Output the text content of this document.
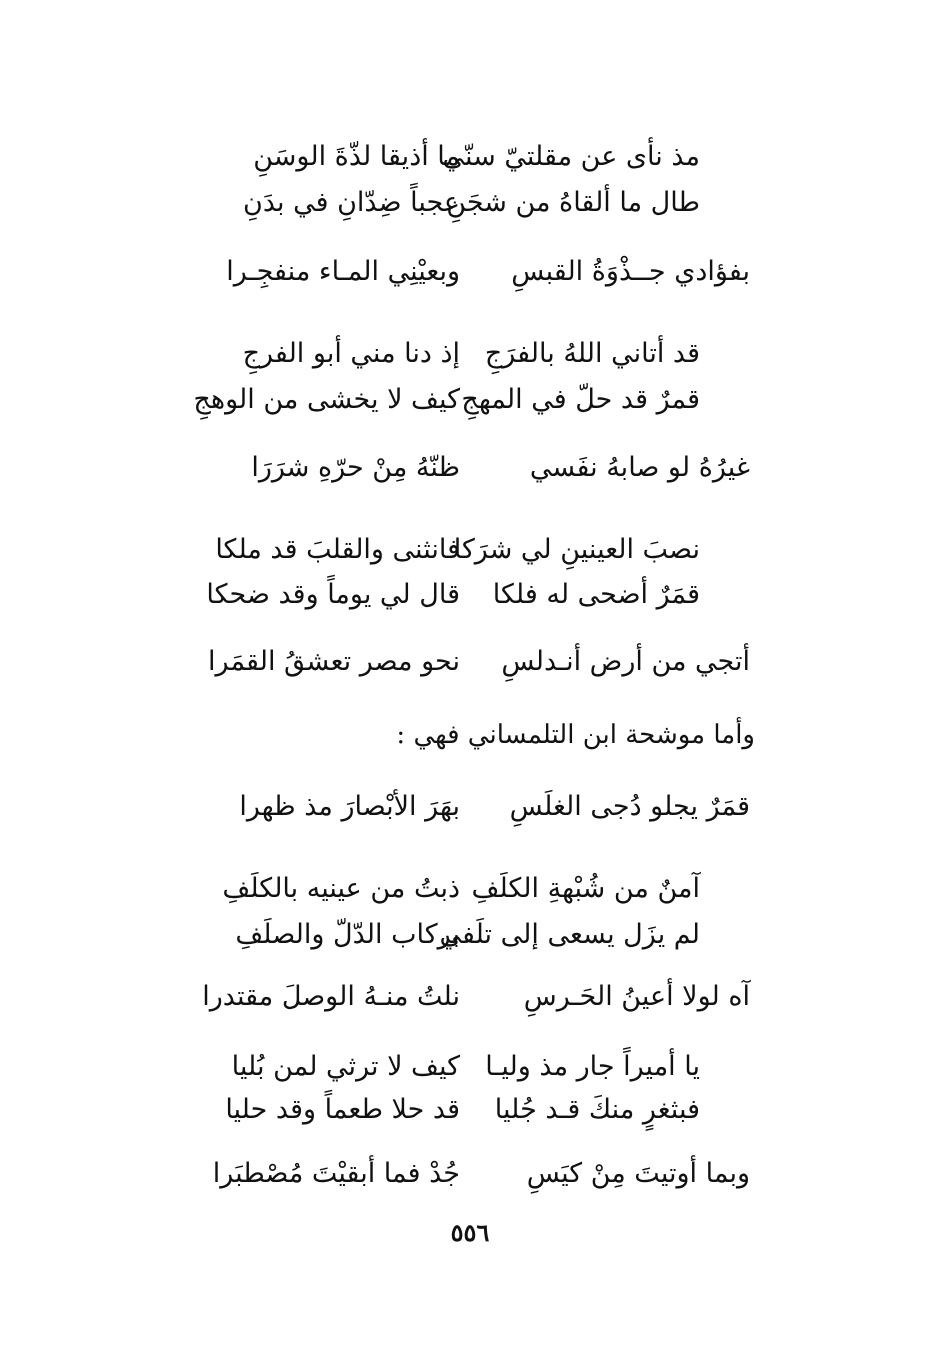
مذ نأى عن مقلتيّ سنّي
ما أذيقا لذّةَ الوسَنِ
طال ما ألقاهُ من شجَنِ
عجباً ضِدّانِ في بدَنِ
بفؤادي جــذْوَةُ القبسِ
وبعيْنِي المـاء منفجِـرا
قد أتاني اللهُ بالفرَجِ
إذ دنا مني أبو الفرجِ
قمرٌ قد حلّ في المهجِ
كيف لا يخشى من الوهجِ
غيرُهُ لو صابهُ نفَسي
ظنّهُ مِنْ حرّهِ شرَرَا
نصبَ العينينِ لي شرَكا
فانثنى والقلبَ قد ملكا
قمَرٌ أضحى له فلكا
قال لي يوماً وقد ضحكا
أتجي من أرض أنـدلسِ
نحو مصر تعشقُ القمَرا
وأما موشحة ابن التلمساني فهي :
قمَرٌ يجلو دُجى الغلَسِ
بهَرَ الأبْصارَ مذ ظهرا
آمنٌ من شُبْهةِ الكلَفِ
ذبتُ من عينيه بالكلَفِ
لم يزَل يسعى إلى تلَفي
بركاب الدّلّ والصلَفِ
آه لولا أعينُ الحَـرسِ
نلتُ منـهُ الوصلَ مقتدرا
يا أميراً جار مذ وليـا
كيف لا ترثي لمن بُليا
فبثغرٍ منكَ قـد جُليا
قد حلا طعماً وقد حليا
وبما أوتيتَ مِنْ كيَسِ
جُدْ فما أبقيْتَ مُصْطبَرا
٥٥٦
